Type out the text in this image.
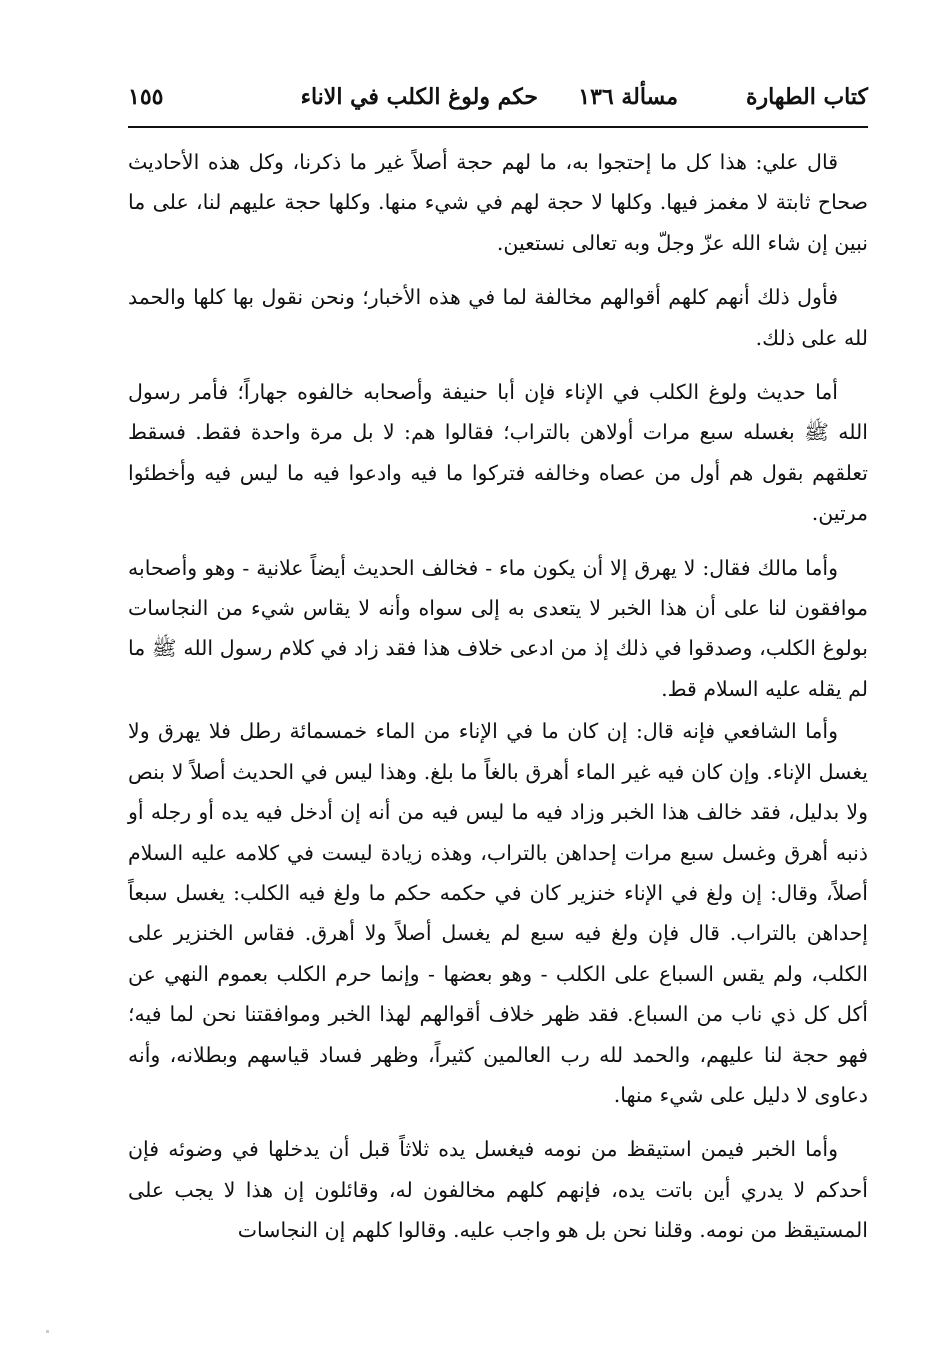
كتاب الطهارة
مسألة ١٣٦
حكم ولوغ الكلب في الاناء
١٥٥

قال علي: هذا كل ما إحتجوا به، ما لهم حجة أصلاً غير ما ذكرنا، وكل هذه الأحاديث صحاح ثابتة لا مغمز فيها. وكلها لا حجة لهم في شيء منها. وكلها حجة عليهم لنا، على ما نبين إن شاء الله عزّ وجلّ وبه تعالى نستعين.

فأول ذلك أنهم كلهم أقوالهم مخالفة لما في هذه الأخبار؛ ونحن نقول بها كلها والحمد لله على ذلك.

أما حديث ولوغ الكلب في الإناء فإن أبا حنيفة وأصحابه خالفوه جهاراً؛ فأمر رسول الله ﷺ بغسله سبع مرات أولاهن بالتراب؛ فقالوا هم: لا بل مرة واحدة فقط. فسقط تعلقهم بقول هم أول من عصاه وخالفه فتركوا ما فيه وادعوا فيه ما ليس فيه وأخطئوا مرتين.

وأما مالك فقال: لا يهرق إلا أن يكون ماء - فخالف الحديث أيضاً علانية - وهو وأصحابه موافقون لنا على أن هذا الخبر لا يتعدى به إلى سواه وأنه لا يقاس شيء من النجاسات بولوغ الكلب، وصدقوا في ذلك إذ من ادعى خلاف هذا فقد زاد في كلام رسول الله ﷺ ما لم يقله عليه السلام قط.

وأما الشافعي فإنه قال: إن كان ما في الإناء من الماء خمسمائة رطل فلا يهرق ولا يغسل الإناء. وإن كان فيه غير الماء أهرق بالغاً ما بلغ. وهذا ليس في الحديث أصلاً لا بنص ولا بدليل، فقد خالف هذا الخبر وزاد فيه ما ليس فيه من أنه إن أدخل فيه يده أو رجله أو ذنبه أهرق وغسل سبع مرات إحداهن بالتراب، وهذه زيادة ليست في كلامه عليه السلام أصلاً، وقال: إن ولغ في الإناء خنزير كان في حكمه حكم ما ولغ فيه الكلب: يغسل سبعاً إحداهن بالتراب. قال فإن ولغ فيه سبع لم يغسل أصلاً ولا أهرق. فقاس الخنزير على الكلب، ولم يقس السباع على الكلب - وهو بعضها - وإنما حرم الكلب بعموم النهي عن أكل كل ذي ناب من السباع. فقد ظهر خلاف أقوالهم لهذا الخبر وموافقتنا نحن لما فيه؛ فهو حجة لنا عليهم، والحمد لله رب العالمين كثيراً، وظهر فساد قياسهم وبطلانه، وأنه دعاوى لا دليل على شيء منها.

وأما الخبر فيمن استيقظ من نومه فيغسل يده ثلاثاً قبل أن يدخلها في وضوئه فإن أحدكم لا يدري أين باتت يده، فإنهم كلهم مخالفون له، وقائلون إن هذا لا يجب على المستيقظ من نومه. وقلنا نحن بل هو واجب عليه. وقالوا كلهم إن النجاسات
